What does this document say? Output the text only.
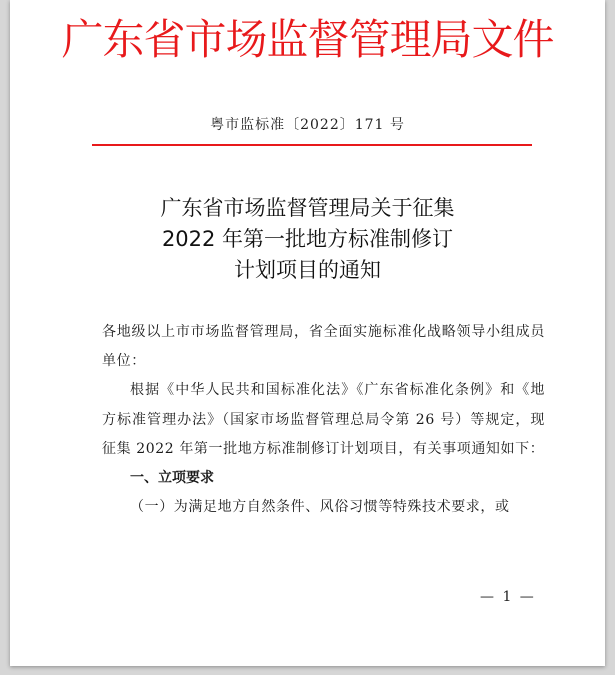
广东省市场监督管理局文件
粤市监标准〔2022〕171 号
广东省市场监督管理局关于征集
2022 年第一批地方标准制修订
计划项目的通知

各地级以上市市场监督管理局，省全面实施标准化战略领导小组成员单位：

根据《中华人民共和国标准化法》《广东省标准化条例》和《地方标准管理办法》（国家市场监督管理总局令第 26 号）等规定，现征集 2022 年第一批地方标准制修订计划项目，有关事项通知如下：

一、立项要求

（一）为满足地方自然条件、风俗习惯等特殊技术要求，或

— 1 —
